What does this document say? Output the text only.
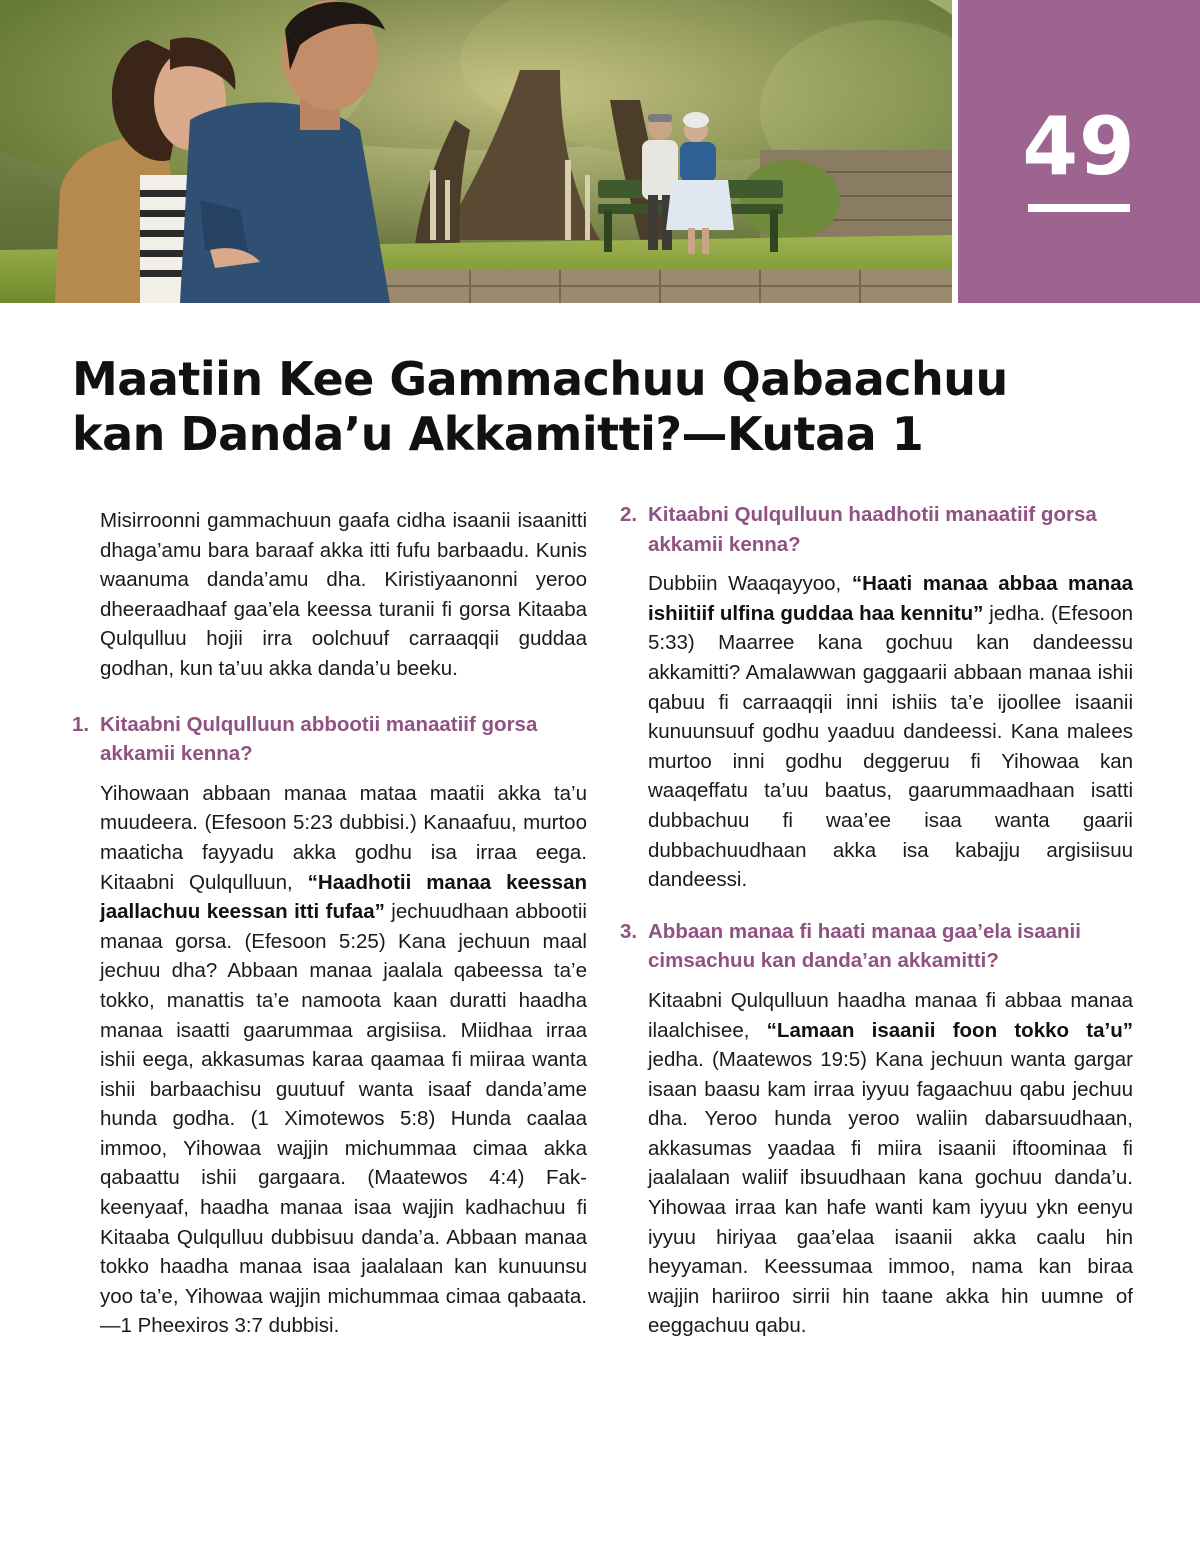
49
Maatiin Kee Gammachuu Qabaachuu
kan Danda’u Akkamitti?—Kutaa 1

Misirroonni gammachuun gaafa cidha isaanii isaanitti dhaga’amu bara baraaf akka itti fufu barbaadu. Kunis waanuma danda’amu dha. Kiristiyaanonni yeroo dheeraadhaaf gaa’ela keessa turanii fi gorsa Kitaaba Qulqulluu hojii irra oolchuuf carraaqqii guddaa godhan, kun ta’uu akka danda’u beeku.

1. Kitaabni Qulqulluun abbootii manaatiif gorsa akkamii kenna?

Yihowaan abbaan manaa mataa maatii akka ta’u muudeera. (Efesoon 5:23 dubbisi.) Kanaafuu, murtoo maaticha fayyadu akka godhu isa irraa eega. Kitaabni Qulqulluun, “Haadhotii manaa keessan jaallachuu keessan itti fufaa” jechuudhaan abbootii manaa gorsa. (Efesoon 5:25) Kana jechuun maal jechuu dha? Abbaan manaa jaalala qabeessa ta’e tokko, manattis ta’e namoota kaan duratti haadha manaa isaatti gaarummaa argisiisa. Miidhaa irraa ishii eega, akkasumas karaa qaamaa fi miiraa wanta ishii barbaachisu guutuuf wanta isaaf danda’ame hunda godha. (1 Ximotewos 5:8) Hunda caalaa immoo, Yihowaa wajjin michummaa cimaa akka qabaattu ishii gargaara. (Maatewos 4:4) Fakkeenyaaf, haadha manaa isaa wajjin kadhachuu fi Kitaaba Qulqulluu dubbisuu danda’a. Abbaan manaa tokko haadha manaa isaa jaalalaan kan kunuunsu yoo ta’e, Yihowaa wajjin michummaa cimaa qabaata.—1 Pheexiros 3:7 dubbisi.

2. Kitaabni Qulqulluun haadhotii manaatiif gorsa akkamii kenna?

Dubbiin Waaqayyoo, “Haati manaa abbaa manaa ishiitiif ulfina guddaa haa kennitu” jedha. (Efesoon 5:33) Maarree kana gochuu kan dandeessu akkamitti? Amalawwan gaggaarii abbaan manaa ishii qabuu fi carraaqqii inni ishiis ta’e ijoollee isaanii kunuunsuuf godhu yaaduu dandeessi. Kana malees murtoo inni godhu deggeruu fi Yihowaa kan waaqeffatu ta’uu baatus, gaarummaadhaan isatti dubbachuu fi waa’ee isaa wanta gaarii dubbachuudhaan akka isa kabajju argisiisuu dandeessi.

3. Abbaan manaa fi haati manaa gaa’ela isaanii cimsachuu kan danda’an akkamitti?

Kitaabni Qulqulluun haadha manaa fi abbaa manaa ilaalchisee, “Lamaan isaanii foon tokko ta’u” jedha. (Maatewos 19:5) Kana jechuun wanta gargar isaan baasu kam irraa iyyuu fagaachuu qabu jechuu dha. Yeroo hunda yeroo waliin dabarsuudhaan, akkasumas yaadaa fi miira isaanii iftoominaa fi jaalalaan waliif ibsuudhaan kana gochuu danda’u. Yihowaa irraa kan hafe wanti kam iyyuu ykn eenyu iyyuu hiriyaa gaa’elaa isaanii akka caalu hin heyyaman. Keessumaa immoo, nama kan biraa wajjin hariiroo sirrii hin taane akka hin uumne of eeggachuu qabu.
